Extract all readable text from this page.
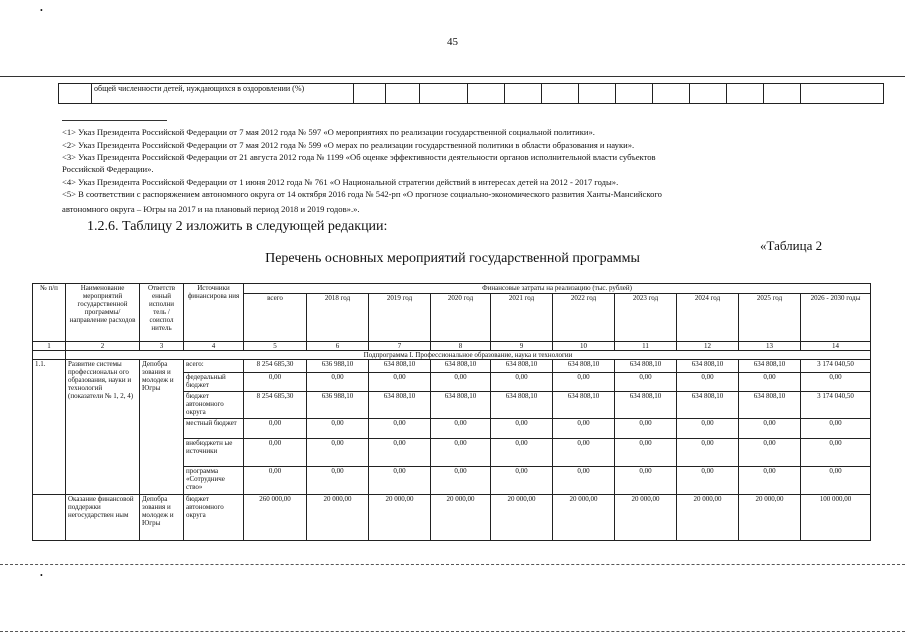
•
•
45
	общей численности детей, нуждающихся в оздоровлении (%)													
<1> Указ Президента Российской Федерации от 7 мая 2012 года № 597 «О мероприятиях по реализации государственной социальной политики».
<2> Указ Президента Российской Федерации от 7 мая 2012 года № 599 «О мерах по реализации государственной политики в области образования и науки».
<3> Указ Президента Российской Федерации от 21 августа 2012 года № 1199 «Об оценке эффективности деятельности органов исполнительной власти субъектов
Российской Федерации».
<4> Указ Президента Российской Федерации от 1 июня 2012 года № 761 «О Национальной стратегии действий в интересах детей на 2012 - 2017 годы».
<5> В соответствии с распоряжением автономного округа от 14 октября 2016 года № 542-рп «О прогнозе социально-экономического развития Ханты-Мансийского
автономного округа – Югры на 2017 и на плановый период 2018 и 2019 годов».».
1.2.6. Таблицу 2 изложить в следующей редакции:
«Таблица 2
Перечень основных мероприятий государственной программы
№ п/п	Наименование мероприятий государственной программы/ направление расходов	Ответств енный исполни тель / соиспол нитель	Источники финансирова ния	Финансовые затраты на реализацию (тыс. рублей)									
				всего	2018 год	2019 год	2020 год	2021 год	2022 год	2023 год	2024 год	2025 год	2026 - 2030 годы
1	2	3	4	5	6	7	8	9	10	11	12	13	14
	Подпрограмма I. Профессиональное образование, наука и технологии												
1.1.	Развитие системы профессиональн ого образования, науки и технологий (показатели № 1, 2, 4)	Депобра зования и молодеж и Югры	всего:	8 254 685,30	636 988,10	634 808,10	634 808,10	634 808,10	634 808,10	634 808,10	634 808,10	634 808,10	3 174 040,50
			федеральный бюджет	0,00	0,00	0,00	0,00	0,00	0,00	0,00	0,00	0,00	0,00
			бюджет автономного округа	8 254 685,30	636 988,10	634 808,10	634 808,10	634 808,10	634 808,10	634 808,10	634 808,10	634 808,10	3 174 040,50
			местный бюджет	0,00	0,00	0,00	0,00	0,00	0,00	0,00	0,00	0,00	0,00
			внебюджетн ые источники	0,00	0,00	0,00	0,00	0,00	0,00	0,00	0,00	0,00	0,00
			программа «Сотрудниче ство»	0,00	0,00	0,00	0,00	0,00	0,00	0,00	0,00	0,00	0,00
	Оказание финансовой поддержки негосударствен ным	Депобра зования и молодеж и Югры	бюджет автономного округа	260 000,00	20 000,00	20 000,00	20 000,00	20 000,00	20 000,00	20 000,00	20 000,00	20 000,00	100 000,00
